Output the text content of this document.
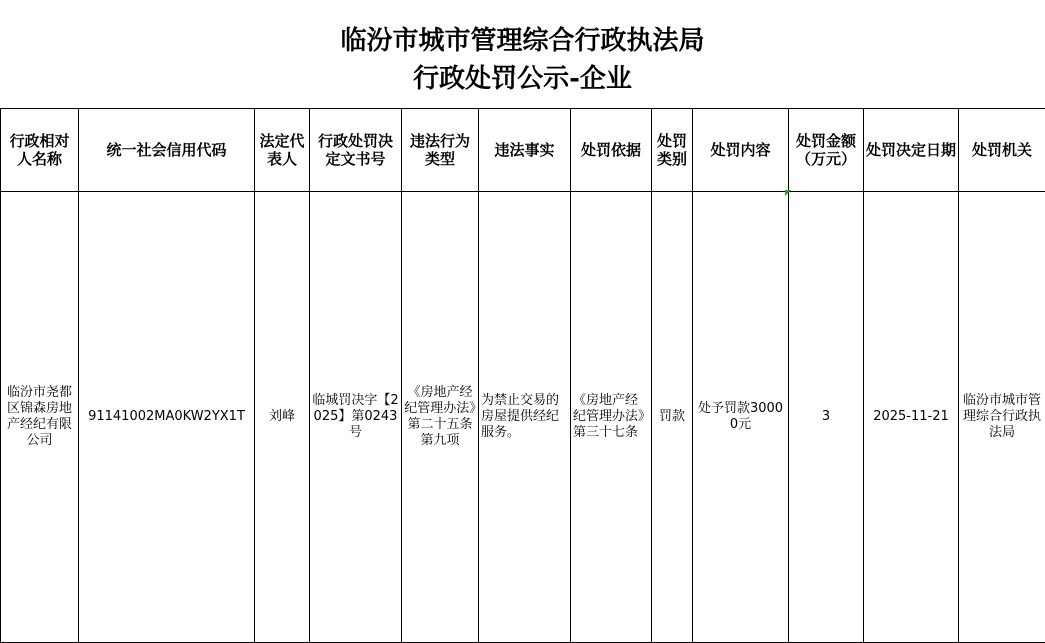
临汾市城市管理综合行政执法局
行政处罚公示-企业
行政相对人名称	统一社会信用代码	法定代表人	行政处罚决定文书号	违法行为类型	违法事实	处罚依据	处罚类别	处罚内容	处罚金额（万元）	处罚决定日期	处罚机关
临汾市尧都区锦森房地产经纪有限公司	91141002MA0KW2YX1T	刘峰	临城罚决字【2025】第0243号	《房地产经纪管理办法》第二十五条第九项	为禁止交易的房屋提供经纪服务。	《房地产经纪管理办法》第三十七条	罚款	处予罚款30000元	3	2025-11-21	临汾市城市管理综合行政执法局
